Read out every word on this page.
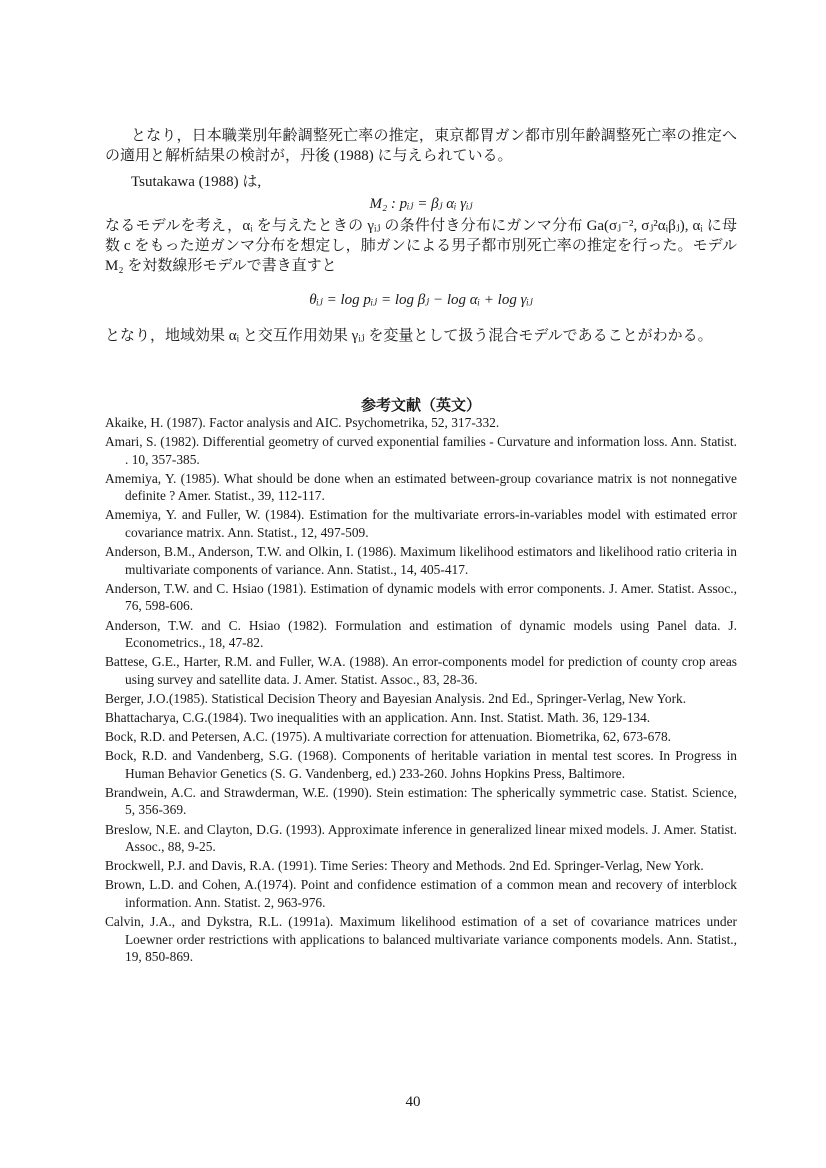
となり，日本職業別年齢調整死亡率の推定，東京都胃ガン都市別年齢調整死亡率の推定への適用と解析結果の検討が，丹後 (1988) に与えられている。

Tsutakawa (1988) は,

M₂ : pᵢⱼ = βⱼ αᵢ γᵢⱼ

なるモデルを考え，αᵢ を与えたときの γᵢⱼ の条件付き分布にガンマ分布 Ga(σⱼ⁻², σⱼ²αᵢβⱼ), αᵢ に母数 c をもった逆ガンマ分布を想定し，肺ガンによる男子都市別死亡率の推定を行った。モデル M₂ を対数線形モデルで書き直すと

θᵢⱼ = log pᵢⱼ = log βⱼ − log αᵢ + log γᵢⱼ

となり，地域効果 αᵢ と交互作用効果 γᵢⱼ を変量として扱う混合モデルであることがわかる。

参考文献（英文）

Akaike, H. (1987). Factor analysis and AIC. Psychometrika, 52, 317-332.
Amari, S. (1982). Differential geometry of curved exponential families - Curvature and information loss. Ann. Statist. . 10, 357-385.
Amemiya, Y. (1985). What should be done when an estimated between-group covariance matrix is not nonnegative definite ? Amer. Statist., 39, 112-117.
Amemiya, Y. and Fuller, W. (1984). Estimation for the multivariate errors-in-variables model with estimated error covariance matrix. Ann. Statist., 12, 497-509.
Anderson, B.M., Anderson, T.W. and Olkin, I. (1986). Maximum likelihood estimators and likelihood ratio criteria in multivariate components of variance. Ann. Statist., 14, 405-417.
Anderson, T.W. and C. Hsiao (1981). Estimation of dynamic models with error components. J. Amer. Statist. Assoc., 76, 598-606.
Anderson, T.W. and C. Hsiao (1982). Formulation and estimation of dynamic models using Panel data. J. Econometrics., 18, 47-82.
Battese, G.E., Harter, R.M. and Fuller, W.A. (1988). An error-components model for prediction of county crop areas using survey and satellite data. J. Amer. Statist. Assoc., 83, 28-36.
Berger, J.O.(1985). Statistical Decision Theory and Bayesian Analysis. 2nd Ed., Springer-Verlag, New York.
Bhattacharya, C.G.(1984). Two inequalities with an application. Ann. Inst. Statist. Math. 36, 129-134.
Bock, R.D. and Petersen, A.C. (1975). A multivariate correction for attenuation. Biometrika, 62, 673-678.
Bock, R.D. and Vandenberg, S.G. (1968). Components of heritable variation in mental test scores. In Progress in Human Behavior Genetics (S. G. Vandenberg, ed.) 233-260. Johns Hopkins Press, Baltimore.
Brandwein, A.C. and Strawderman, W.E. (1990). Stein estimation: The spherically symmetric case. Statist. Science, 5, 356-369.
Breslow, N.E. and Clayton, D.G. (1993). Approximate inference in generalized linear mixed models. J. Amer. Statist. Assoc., 88, 9-25.
Brockwell, P.J. and Davis, R.A. (1991). Time Series: Theory and Methods. 2nd Ed. Springer-Verlag, New York.
Brown, L.D. and Cohen, A.(1974). Point and confidence estimation of a common mean and recovery of interblock information. Ann. Statist. 2, 963-976.
Calvin, J.A., and Dykstra, R.L. (1991a). Maximum likelihood estimation of a set of covariance matrices under Loewner order restrictions with applications to balanced multivariate variance components models. Ann. Statist., 19, 850-869.

40
